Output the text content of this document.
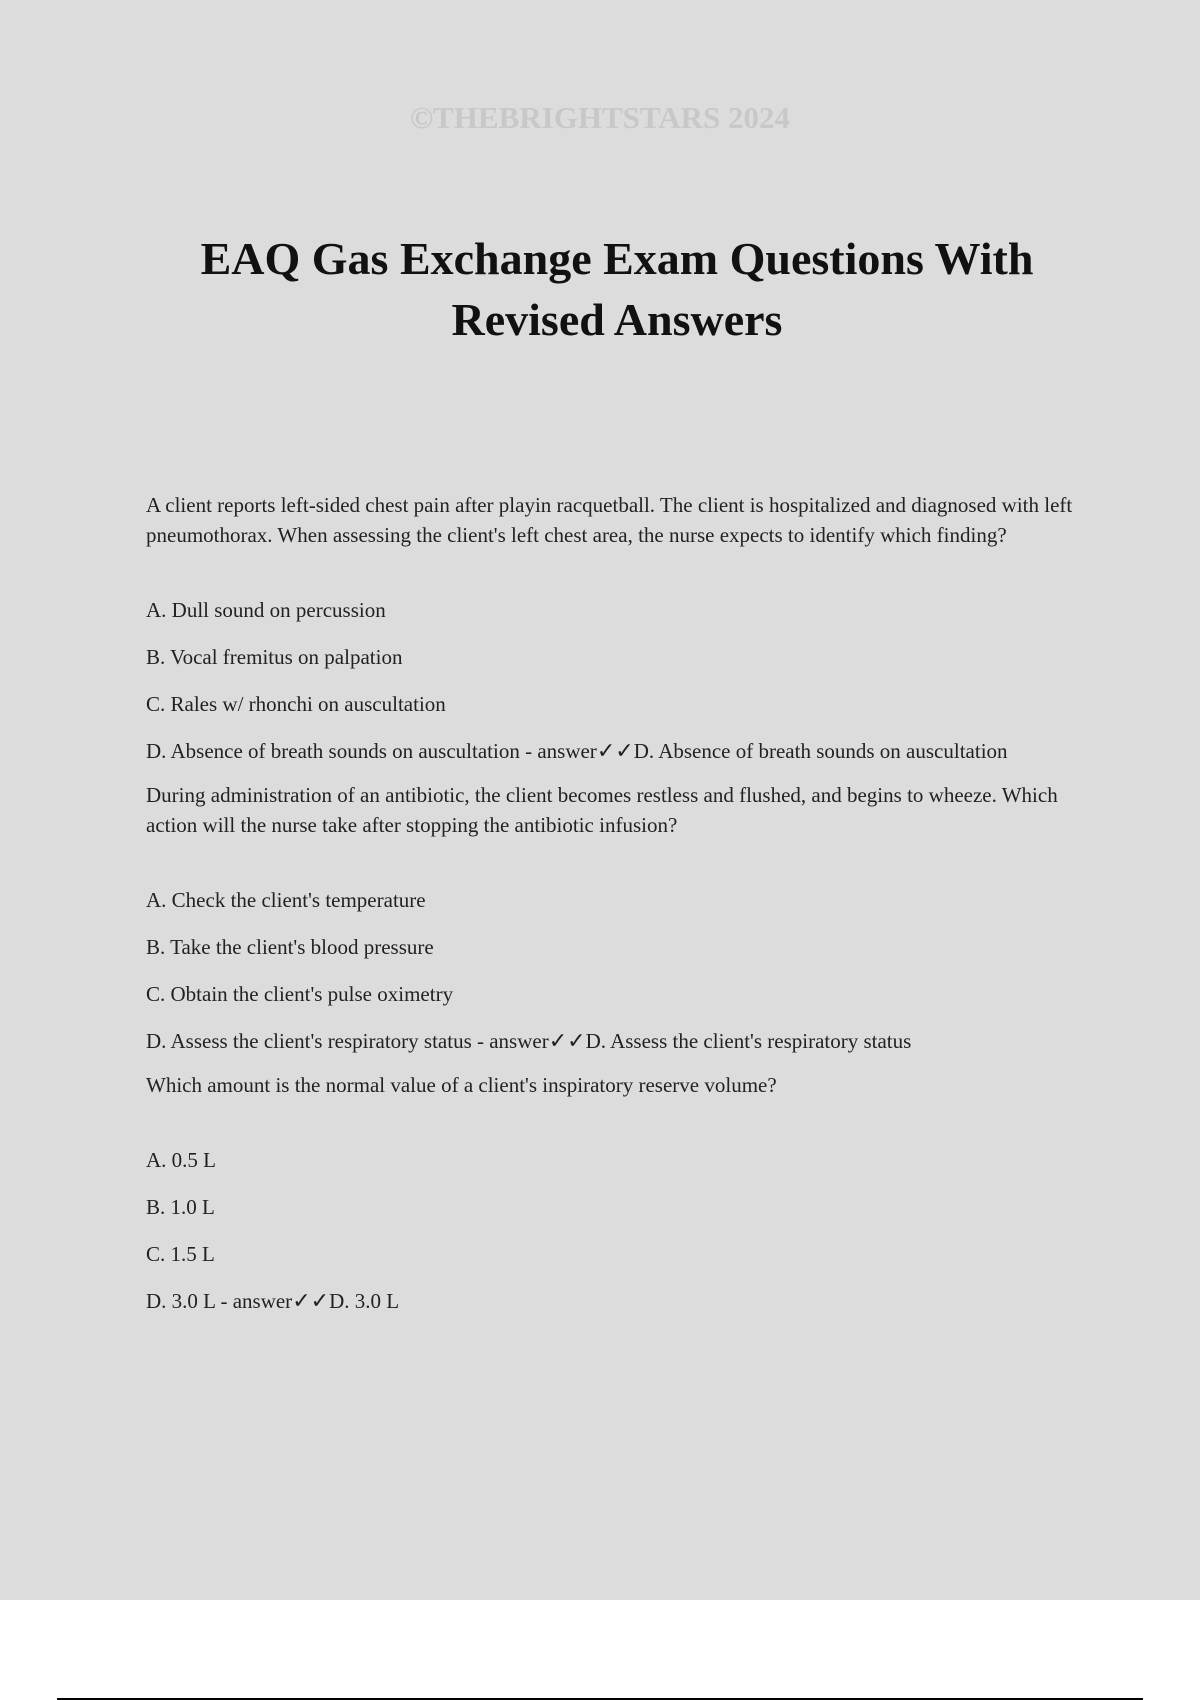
©THEBRIGHTSTARS 2024
EAQ Gas Exchange Exam Questions With Revised Answers

A client reports left-sided chest pain after playin racquetball. The client is hospitalized and diagnosed with left pneumothorax. When assessing the client's left chest area, the nurse expects to identify which finding?

A. Dull sound on percussion

B. Vocal fremitus on palpation

C. Rales w/ rhonchi on auscultation

D. Absence of breath sounds on auscultation - answer✓✓D. Absence of breath sounds on auscultation

During administration of an antibiotic, the client becomes restless and flushed, and begins to wheeze. Which action will the nurse take after stopping the antibiotic infusion?

A. Check the client's temperature

B. Take the client's blood pressure

C. Obtain the client's pulse oximetry

D. Assess the client's respiratory status - answer✓✓D. Assess the client's respiratory status

Which amount is the normal value of a client's inspiratory reserve volume?

A. 0.5 L

B. 1.0 L

C. 1.5 L

D. 3.0 L - answer✓✓D. 3.0 L
